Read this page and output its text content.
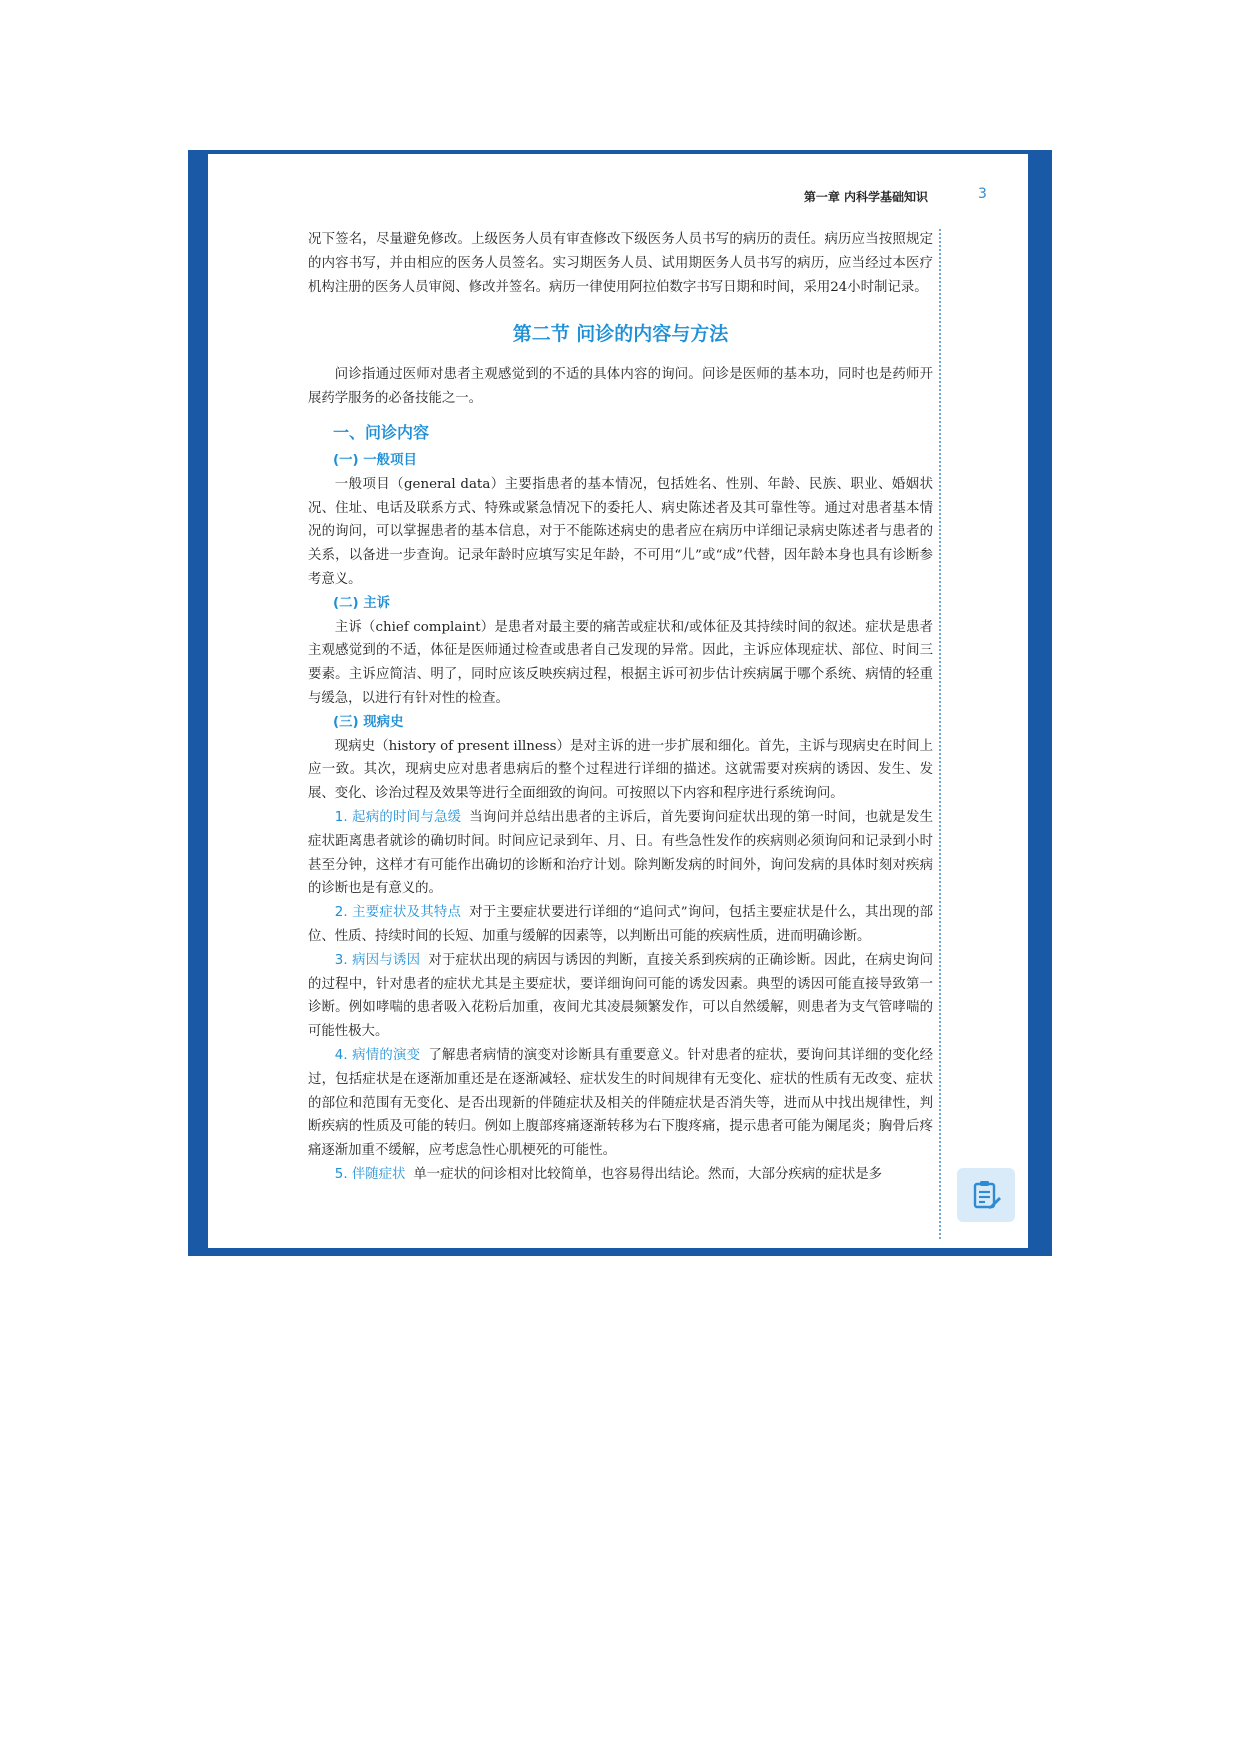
第一章 内科学基础知识	3

况下签名，尽量避免修改。上级医务人员有审查修改下级医务人员书写的病历的责任。病历应当按照规定的内容书写，并由相应的医务人员签名。实习期医务人员、试用期医务人员书写的病历，应当经过本医疗机构注册的医务人员审阅、修改并签名。病历一律使用阿拉伯数字书写日期和时间，采用24小时制记录。

第二节 问诊的内容与方法

问诊指通过医师对患者主观感觉到的不适的具体内容的询问。问诊是医师的基本功，同时也是药师开展药学服务的必备技能之一。

一、问诊内容
(一) 一般项目

一般项目（general data）主要指患者的基本情况，包括姓名、性别、年龄、民族、职业、婚姻状况、住址、电话及联系方式、特殊或紧急情况下的委托人、病史陈述者及其可靠性等。通过对患者基本情况的询问，可以掌握患者的基本信息，对于不能陈述病史的患者应在病历中详细记录病史陈述者与患者的关系，以备进一步查询。记录年龄时应填写实足年龄，不可用“儿”或“成”代替，因年龄本身也具有诊断参考意义。

(二) 主诉

主诉（chief complaint）是患者对最主要的痛苦或症状和/或体征及其持续时间的叙述。症状是患者主观感觉到的不适，体征是医师通过检查或患者自己发现的异常。因此，主诉应体现症状、部位、时间三要素。主诉应简洁、明了，同时应该反映疾病过程，根据主诉可初步估计疾病属于哪个系统、病情的轻重与缓急，以进行有针对性的检查。

(三) 现病史

现病史（history of present illness）是对主诉的进一步扩展和细化。首先，主诉与现病史在时间上应一致。其次，现病史应对患者患病后的整个过程进行详细的描述。这就需要对疾病的诱因、发生、发展、变化、诊治过程及效果等进行全面细致的询问。可按照以下内容和程序进行系统询问。

1. 起病的时间与急缓 当询问并总结出患者的主诉后，首先要询问症状出现的第一时间，也就是发生症状距离患者就诊的确切时间。时间应记录到年、月、日。有些急性发作的疾病则必须询问和记录到小时甚至分钟，这样才有可能作出确切的诊断和治疗计划。除判断发病的时间外，询问发病的具体时刻对疾病的诊断也是有意义的。

2. 主要症状及其特点 对于主要症状要进行详细的“追问式”询问，包括主要症状是什么，其出现的部位、性质、持续时间的长短、加重与缓解的因素等，以判断出可能的疾病性质，进而明确诊断。

3. 病因与诱因 对于症状出现的病因与诱因的判断，直接关系到疾病的正确诊断。因此，在病史询问的过程中，针对患者的症状尤其是主要症状，要详细询问可能的诱发因素。典型的诱因可能直接导致第一诊断。例如哮喘的患者吸入花粉后加重，夜间尤其凌晨频繁发作，可以自然缓解，则患者为支气管哮喘的可能性极大。

4. 病情的演变 了解患者病情的演变对诊断具有重要意义。针对患者的症状，要询问其详细的变化经过，包括症状是在逐渐加重还是在逐渐减轻、症状发生的时间规律有无变化、症状的性质有无改变、症状的部位和范围有无变化、是否出现新的伴随症状及相关的伴随症状是否消失等，进而从中找出规律性，判断疾病的性质及可能的转归。例如上腹部疼痛逐渐转移为右下腹疼痛，提示患者可能为阑尾炎；胸骨后疼痛逐渐加重不缓解，应考虑急性心肌梗死的可能性。

5. 伴随症状 单一症状的问诊相对比较简单，也容易得出结论。然而，大部分疾病的症状是多
